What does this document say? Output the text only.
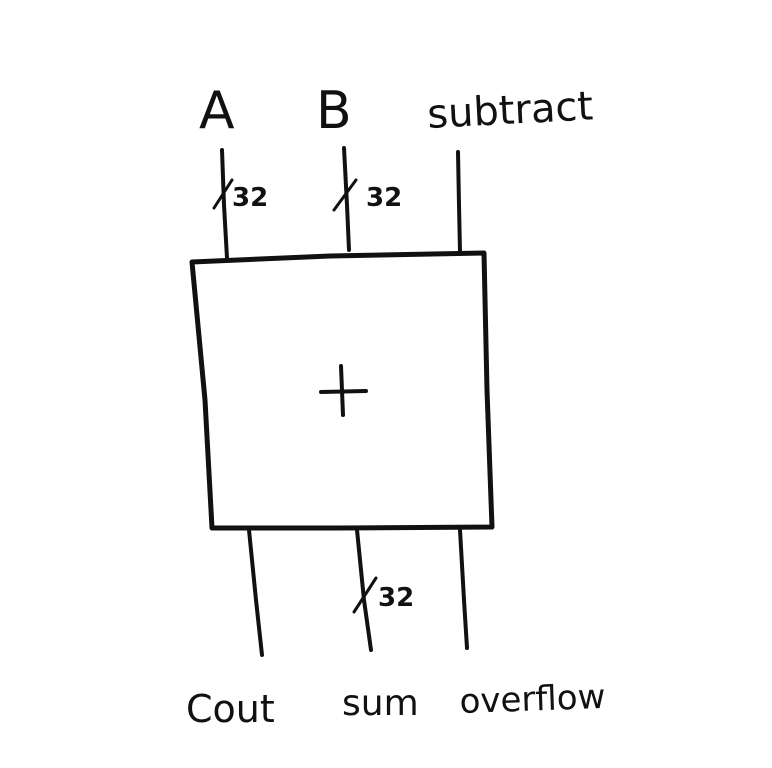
A B subtract
32	32
32
Cout sum overflow
